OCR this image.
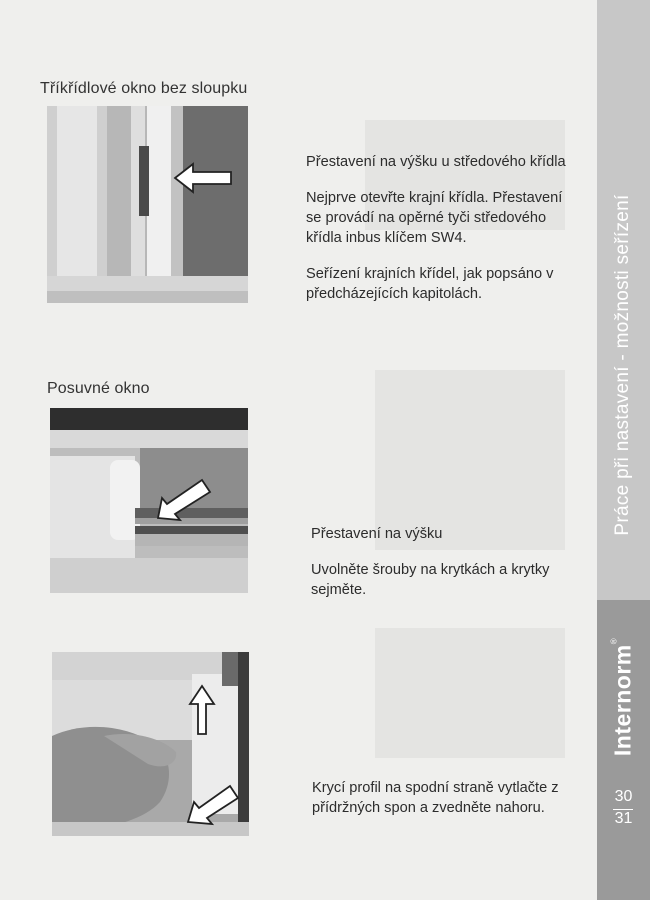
Tříkřídlové okno bez sloupku

Přestavení na výšku u středového křídla

Nejprve otevřte krajní křídla. Přestavení se provádí na opěrné tyči středového křídla inbus klíčem SW4.

Seřízení krajních křídel, jak popsáno v předcházejících kapitolách.

Posuvné okno

Přestavení na výšku

Uvolněte šrouby na krytkách a krytky sejměte.

Krycí profil na spodní straně vytlačte z přídržných spon a zvedněte nahoru.

Práce při nastavení - možnosti seřízení
Internorm®
30
31
